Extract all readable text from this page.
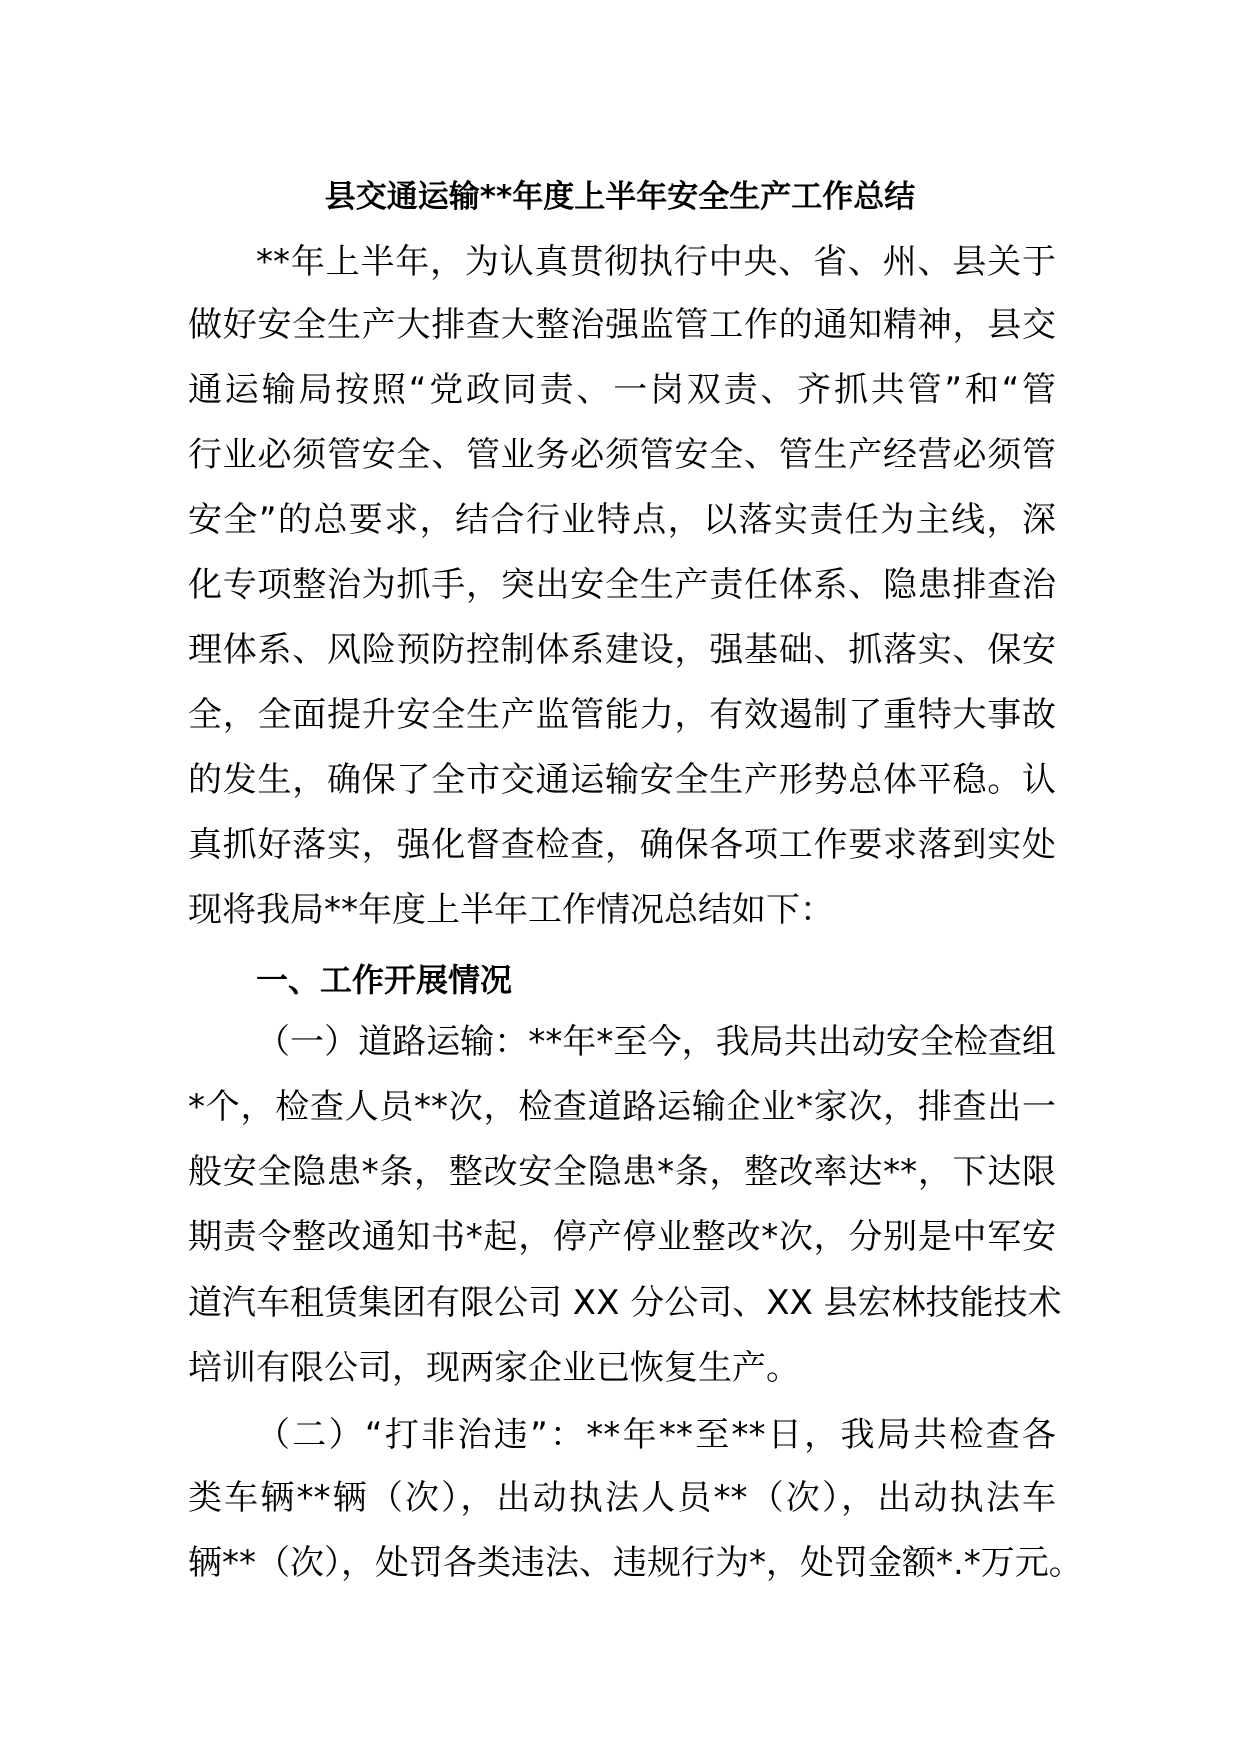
县交通运输**年度上半年安全生产工作总结
**年上半年，为认真贯彻执行中央、省、州、县关于
做好安全生产大排查大整治强监管工作的通知精神，县交
通运输局按照“党政同责、一岗双责、齐抓共管”和“管
行业必须管安全、管业务必须管安全、管生产经营必须管
安全”的总要求，结合行业特点，以落实责任为主线，深
化专项整治为抓手，突出安全生产责任体系、隐患排查治
理体系、风险预防控制体系建设，强基础、抓落实、保安
全，全面提升安全生产监管能力，有效遏制了重特大事故
的发生，确保了全市交通运输安全生产形势总体平稳。认
真抓好落实，强化督查检查，确保各项工作要求落到实处
现将我局**年度上半年工作情况总结如下：
一、工作开展情况
（一）道路运输：**年*至今，我局共出动安全检查组
*个，检查人员**次，检查道路运输企业*家次，排查出一
般安全隐患*条，整改安全隐患*条，整改率达**，下达限
期责令整改通知书*起，停产停业整改*次，分别是中军安
道汽车租赁集团有限公司 XX 分公司、XX 县宏林技能技术
培训有限公司，现两家企业已恢复生产。
（二）“打非治违”：**年**至**日，我局共检查各
类车辆**辆（次），出动执法人员**（次），出动执法车
辆**（次），处罚各类违法、违规行为*，处罚金额*.*万元。
